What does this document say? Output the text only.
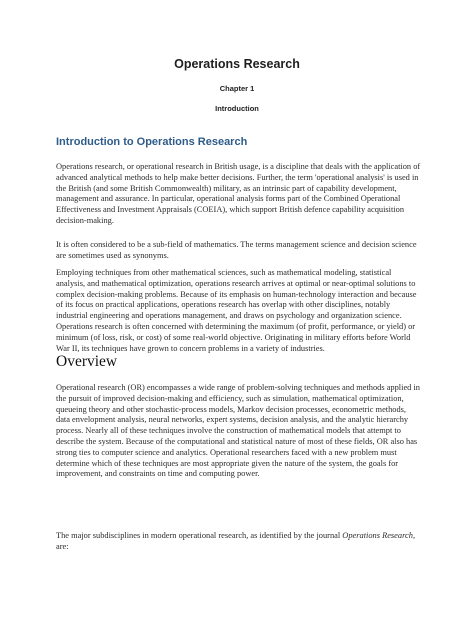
Operations Research
Chapter 1
Introduction
Introduction to Operations Research

Operations research, or operational research in British usage, is a discipline that deals with the application of advanced analytical methods to help make better decisions. Further, the term 'operational analysis' is used in the British (and some British Commonwealth) military, as an intrinsic part of capability development, management and assurance. In particular, operational analysis forms part of the Combined Operational Effectiveness and Investment Appraisals (COEIA), which support British defence capability acquisition decision-making.

It is often considered to be a sub-field of mathematics. The terms management science and decision science are sometimes used as synonyms.

Employing techniques from other mathematical sciences, such as mathematical modeling, statistical analysis, and mathematical optimization, operations research arrives at optimal or near-optimal solutions to complex decision-making problems. Because of its emphasis on human-technology interaction and because of its focus on practical applications, operations research has overlap with other disciplines, notably industrial engineering and operations management, and draws on psychology and organization science. Operations research is often concerned with determining the maximum (of profit, performance, or yield) or minimum (of loss, risk, or cost) of some real-world objective. Originating in military efforts before World War II, its techniques have grown to concern problems in a variety of industries.

Overview

Operational research (OR) encompasses a wide range of problem-solving techniques and methods applied in the pursuit of improved decision-making and efficiency, such as simulation, mathematical optimization, queueing theory and other stochastic-process models, Markov decision processes, econometric methods, data envelopment analysis, neural networks, expert systems, decision analysis, and the analytic hierarchy process. Nearly all of these techniques involve the construction of mathematical models that attempt to describe the system. Because of the computational and statistical nature of most of these fields, OR also has strong ties to computer science and analytics. Operational researchers faced with a new problem must determine which of these techniques are most appropriate given the nature of the system, the goals for improvement, and constraints on time and computing power.

The major subdisciplines in modern operational research, as identified by the journal Operations Research, are:
